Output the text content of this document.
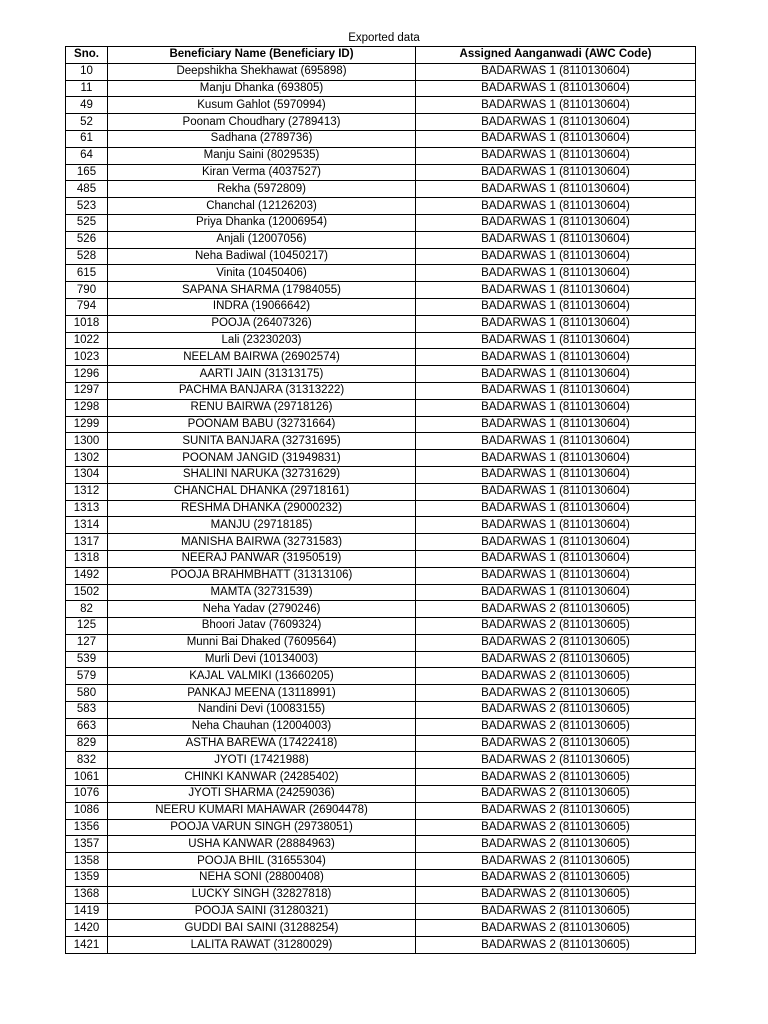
Exported data
Sno.	Beneficiary Name (Beneficiary ID)	Assigned Aanganwadi (AWC Code)
10	Deepshikha Shekhawat (695898)	BADARWAS 1 (8110130604)
11	Manju Dhanka (693805)	BADARWAS 1 (8110130604)
49	Kusum Gahlot (5970994)	BADARWAS 1 (8110130604)
52	Poonam Choudhary (2789413)	BADARWAS 1 (8110130604)
61	Sadhana (2789736)	BADARWAS 1 (8110130604)
64	Manju Saini (8029535)	BADARWAS 1 (8110130604)
165	Kiran Verma (4037527)	BADARWAS 1 (8110130604)
485	Rekha (5972809)	BADARWAS 1 (8110130604)
523	Chanchal (12126203)	BADARWAS 1 (8110130604)
525	Priya Dhanka (12006954)	BADARWAS 1 (8110130604)
526	Anjali (12007056)	BADARWAS 1 (8110130604)
528	Neha Badiwal (10450217)	BADARWAS 1 (8110130604)
615	Vinita (10450406)	BADARWAS 1 (8110130604)
790	SAPANA SHARMA (17984055)	BADARWAS 1 (8110130604)
794	INDRA (19066642)	BADARWAS 1 (8110130604)
1018	POOJA (26407326)	BADARWAS 1 (8110130604)
1022	Lali (23230203)	BADARWAS 1 (8110130604)
1023	NEELAM BAIRWA (26902574)	BADARWAS 1 (8110130604)
1296	AARTI JAIN (31313175)	BADARWAS 1 (8110130604)
1297	PACHMA BANJARA (31313222)	BADARWAS 1 (8110130604)
1298	RENU BAIRWA (29718126)	BADARWAS 1 (8110130604)
1299	POONAM BABU (32731664)	BADARWAS 1 (8110130604)
1300	SUNITA BANJARA (32731695)	BADARWAS 1 (8110130604)
1302	POONAM JANGID (31949831)	BADARWAS 1 (8110130604)
1304	SHALINI NARUKA (32731629)	BADARWAS 1 (8110130604)
1312	CHANCHAL DHANKA (29718161)	BADARWAS 1 (8110130604)
1313	RESHMA DHANKA (29000232)	BADARWAS 1 (8110130604)
1314	MANJU (29718185)	BADARWAS 1 (8110130604)
1317	MANISHA BAIRWA (32731583)	BADARWAS 1 (8110130604)
1318	NEERAJ PANWAR (31950519)	BADARWAS 1 (8110130604)
1492	POOJA BRAHMBHATT (31313106)	BADARWAS 1 (8110130604)
1502	MAMTA (32731539)	BADARWAS 1 (8110130604)
82	Neha Yadav (2790246)	BADARWAS 2 (8110130605)
125	Bhoori Jatav (7609324)	BADARWAS 2 (8110130605)
127	Munni Bai Dhaked (7609564)	BADARWAS 2 (8110130605)
539	Murli Devi (10134003)	BADARWAS 2 (8110130605)
579	KAJAL VALMIKI (13660205)	BADARWAS 2 (8110130605)
580	PANKAJ MEENA (13118991)	BADARWAS 2 (8110130605)
583	Nandini Devi (10083155)	BADARWAS 2 (8110130605)
663	Neha Chauhan (12004003)	BADARWAS 2 (8110130605)
829	ASTHA BAREWA (17422418)	BADARWAS 2 (8110130605)
832	JYOTI (17421988)	BADARWAS 2 (8110130605)
1061	CHINKI KANWAR (24285402)	BADARWAS 2 (8110130605)
1076	JYOTI SHARMA (24259036)	BADARWAS 2 (8110130605)
1086	NEERU KUMARI MAHAWAR (26904478)	BADARWAS 2 (8110130605)
1356	POOJA VARUN SINGH (29738051)	BADARWAS 2 (8110130605)
1357	USHA KANWAR (28884963)	BADARWAS 2 (8110130605)
1358	POOJA BHIL (31655304)	BADARWAS 2 (8110130605)
1359	NEHA SONI (28800408)	BADARWAS 2 (8110130605)
1368	LUCKY SINGH (32827818)	BADARWAS 2 (8110130605)
1419	POOJA SAINI (31280321)	BADARWAS 2 (8110130605)
1420	GUDDI BAI SAINI (31288254)	BADARWAS 2 (8110130605)
1421	LALITA RAWAT (31280029)	BADARWAS 2 (8110130605)
